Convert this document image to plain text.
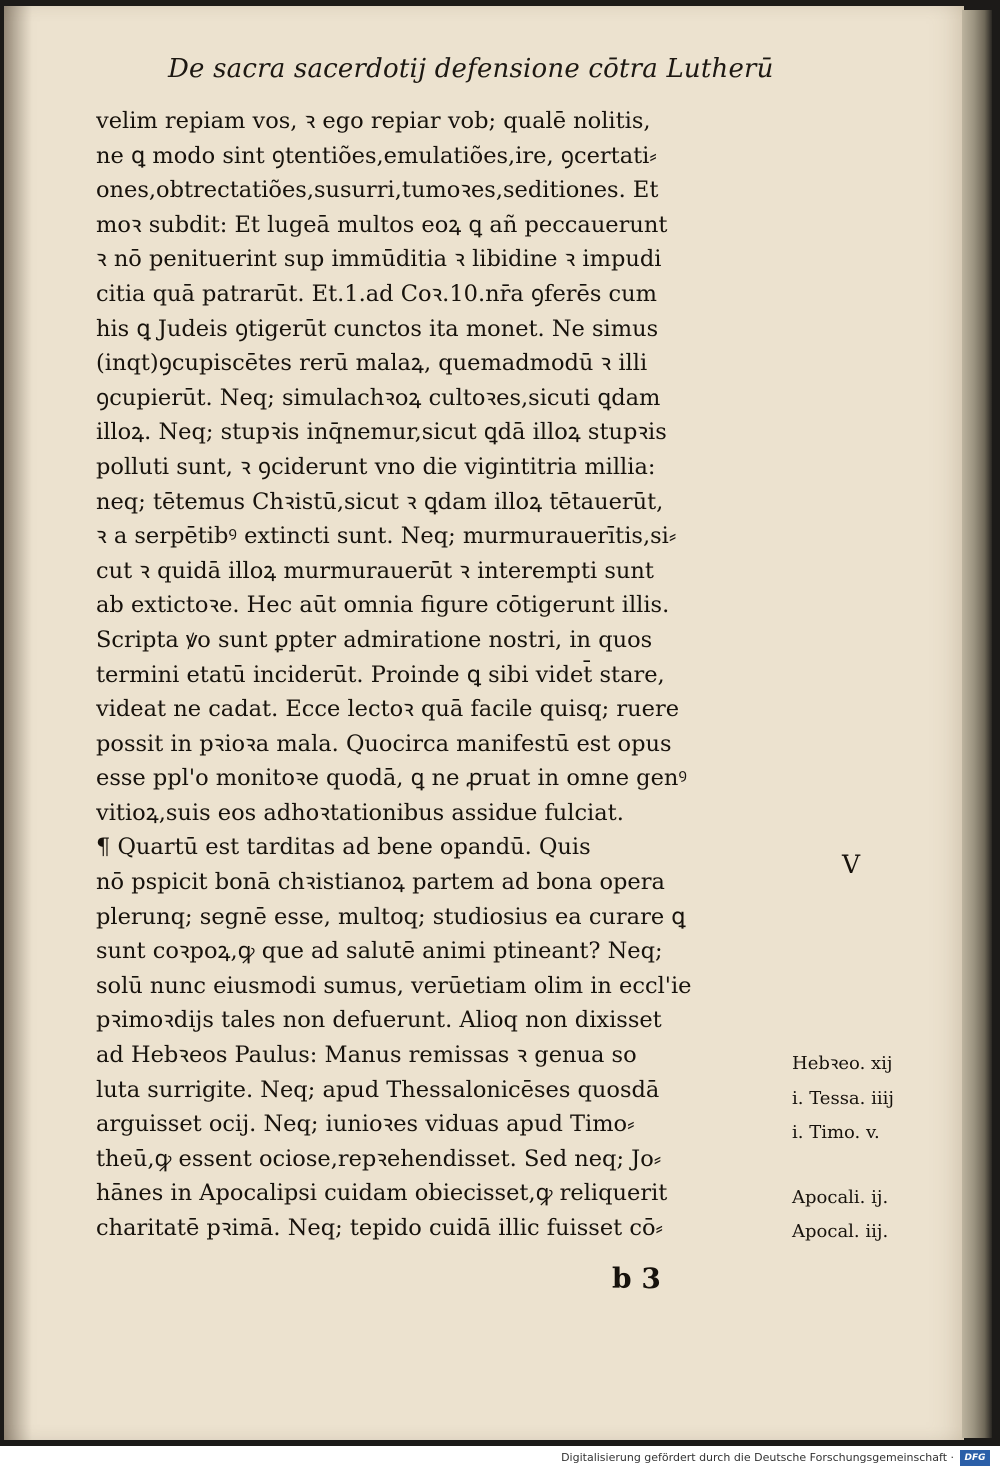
De sacra sacerdotij defensione cōtra Lutherū
velim repiam vos, ꝛ ego repiar vob; qualē nolitis,
ne ꝗ modo sint ꝯtentiões,emulatiões,ire, ꝯcertati⸗
ones,obtrectatiões,susurri,tumoꝛes,seditiones. Et
moꝛ subdit: Et lugeā multos eoꝝ ꝗ añ peccauerunt
ꝛ nō penituerint sup immūditia ꝛ libidine ꝛ impudi
citia quā patrarūt. Et.1.ad Coꝛ.10.nr̄a ꝯferēs cum
his ꝗ Judeis ꝯtigerūt cunctos ita monet. Ne simus
(inqt)ꝯcupiscētes rerū malaꝝ, quemadmodū ꝛ illi
ꝯcupierūt. Neq; simulachꝛoꝝ cultoꝛes,sicuti ꝗdam
illoꝝ. Neq; stupꝛis inq̄nemur,sicut ꝗdā illoꝝ stupꝛis
polluti sunt, ꝛ ꝯciderunt vno die vigintitria millia:
neq; tētemus Chꝛistū,sicut ꝛ ꝗdam illoꝝ tētauerūt,
ꝛ a serpētibꝰ extincti sunt. Neq; murmurauerītis,si⸗
cut ꝛ quidā illoꝝ murmurauerūt ꝛ interempti sunt
ab extictoꝛe. Hec aūt omnia figure cōtigerunt illis.
Scripta ꝟo sunt ꝑpter admiratione nostri, in quos
termini etatū inciderūt. Proinde ꝗ sibi videt̄ stare,
videat ne cadat. Ecce lectoꝛ quā facile quisq; ruere
possit in pꝛioꝛa mala. Quocirca manifestū est opus
esse ppl'o monitoꝛe quodā, ꝗ ne ꝓruat in omne genꝰ
vitioꝝ,suis eos adhoꝛtationibus assidue fulciat.
¶ Quartū est tarditas ad bene opandū. Quis
nō pspicit bonā chꝛistianoꝝ partem ad bona opera
plerunq; segnē esse, multoq; studiosius ea curare ꝗ
sunt coꝛpoꝝ,ꝙ que ad salutē animi ptineant? Neq;
solū nunc eiusmodi sumus, verūetiam olim in eccl'ie
pꝛimoꝛdijs tales non defuerunt. Alioq non dixisset
ad Hebꝛeos Paulus: Manus remissas ꝛ genua so
luta surrigite. Neq; apud Thessalonicēses quosdā
arguisset ocij. Neq; iunioꝛes viduas apud Timo⸗
theū,ꝙ essent ociose,repꝛehendisset. Sed neq; Jo⸗
hānes in Apocalipsi cuidam obiecisset,ꝙ reliquerit
charitatē pꝛimā. Neq; tepido cuidā illic fuisset cō⸗
V
Hebꝛeo. xij
i. Tessa. iiij
i. Timo. v.
Apocali. ij.
Apocal. iij.
b 3
Digitalisierung gefördert durch die Deutsche Forschungsgemeinschaft ·	DFG
